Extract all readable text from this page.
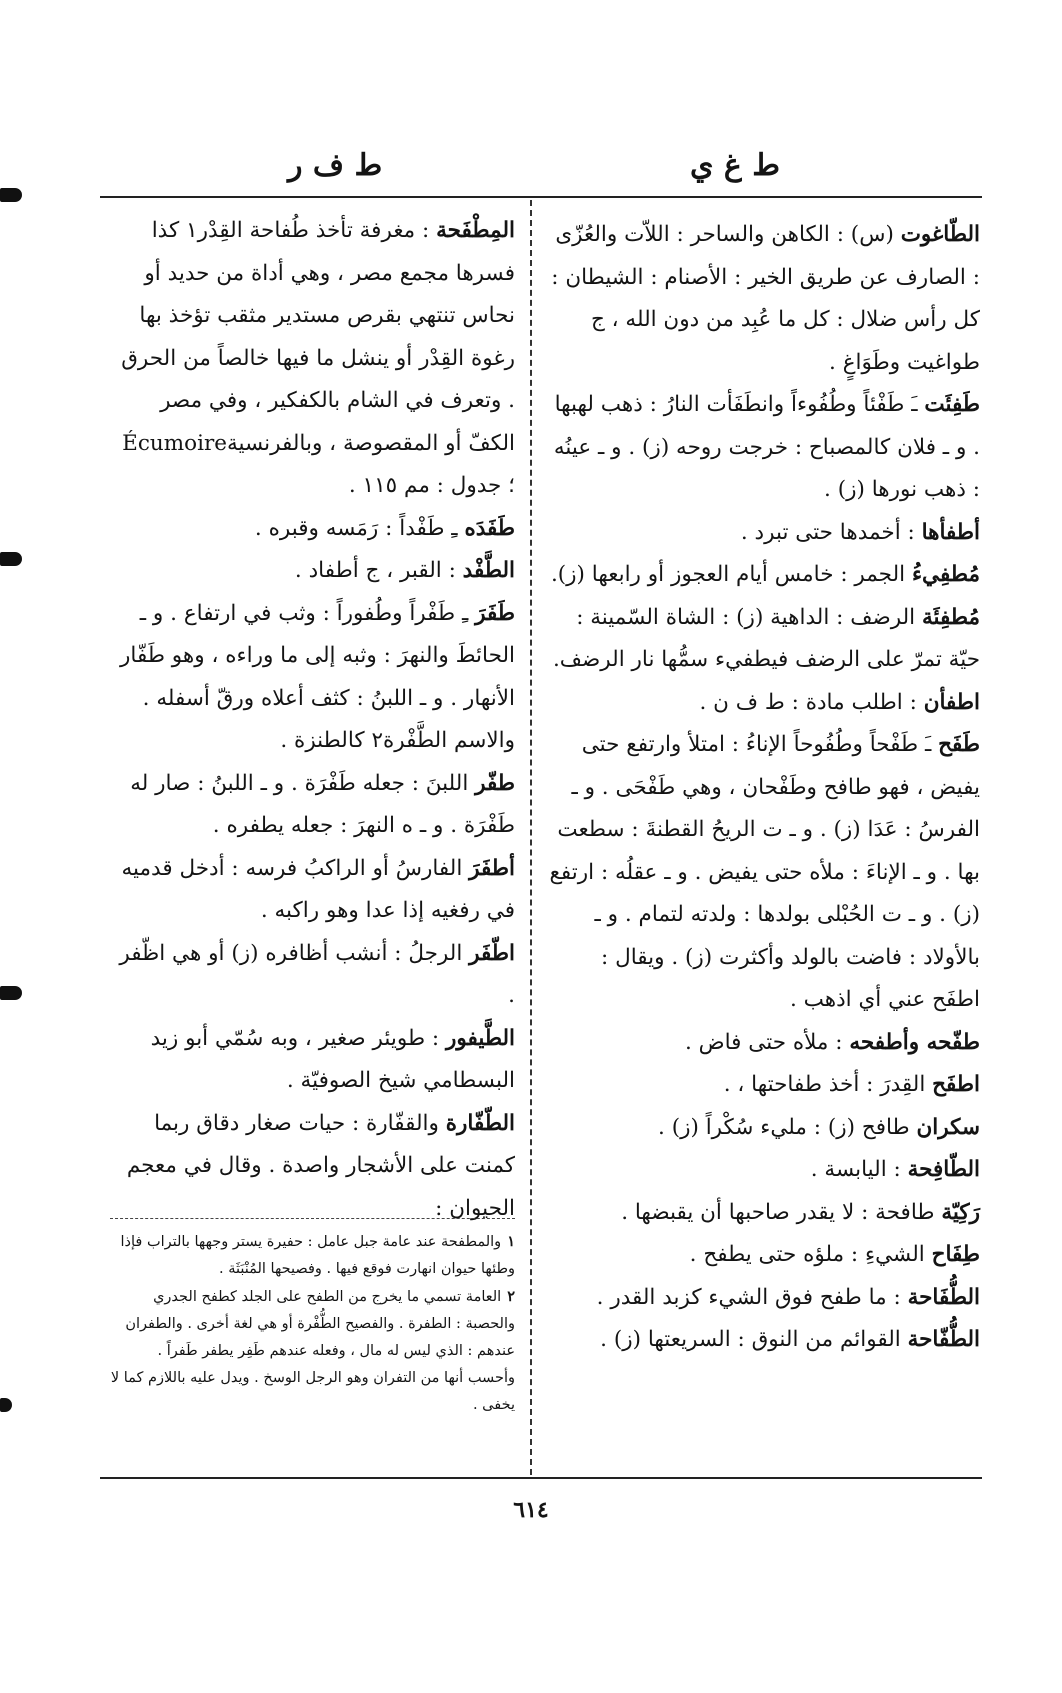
ط ف ر	ط غ ي

الطّاغوت (س) : الكاهن والساحر : اللاّت والعُزّى : الصارف عن طريق الخير : الأصنام : الشيطان : كل رأس ضلال : كل ما عُبِد من دون الله ، ج طواغيت وطَوَاغٍ .

طَفِئَت ـَ طَفْئاً وطُفُوءاً وانطَفَأت النارُ : ذهب لهبها . و ـ فلان كالمصباح : خرجت روحه (ز) . و ـ عينُه : ذهب نورها (ز) .

أطفأها : أخمدها حتى تبرد .

مُطفِيءُ الجمر : خامس أيام العجوز أو رابعها (ز).

مُطفِئَة الرضف : الداهية (ز) : الشاة السّمينة : حيّة تمرّ على الرضف فيطفيء سمُّها نار الرضف.

اطفأن : اطلب مادة : ط ف ن .

طَفَح ـَ طَفْحاً وطُفُوحاً الإناءُ : امتلأ وارتفع حتى يفيض ، فهو طافح وطَفْحان ، وهي طَفْحَى . و ـ الفرسُ : عَدَا (ز) . و ـ ت الريحُ القطنةَ : سطعت بها . و ـ الإناءَ : ملأه حتى يفيض . و ـ عقلُه : ارتفع (ز) . و ـ ت الحُبْلى بولدها : ولدته لتمام . و ـ بالأولاد : فاضت بالولد وأكثرت (ز) . ويقال : اطفَح عني أي اذهب .

طفّحه وأطفحه : ملأه حتى فاض .

اطفَح القِدرَ : أخذ طفاحتها ، .

سكران طافح (ز) : مليء سُكْراً (ز) .

الطّافِحة : اليابسة .

رَكِيّة طافحة : لا يقدر صاحبها أن يقبضها .

طِفَاح الشيءِ : ملؤه حتى يطفح .

الطُّفَاحة : ما طفح فوق الشيء كزبد القدر .

الطُّفّاحة القوائم من النوق : السريعتها (ز) .

المِطْفَحة : مغرفة تأخذ طُفاحة القِدْر١ كذا فسرها مجمع مصر ، وهي أداة من حديد أو نحاس تنتهي بقرص مستدير مثقب تؤخذ بها رغوة القِدْر أو ينشل ما فيها خالصاً من الحرق . وتعرف في الشام بالكفكير ، وفي مصر الكفّ أو المقصوصة ، وبالفرنسيةÉcumoire ؛ جدول : مم ١١٥ .

طَفَدَه ـِ طَفْداً : رَمَسه وقبره .

الطَّفْد : القبر ، ج أطفاد .

طَفَرَ ـِ طَفْراً وطُفوراً : وثب في ارتفاع . و ـ الحائطَ والنهرَ : وثبه إلى ما وراءه ، وهو طَفّار الأنهار . و ـ اللبنُ : كثف أعلاه ورقّ أسفله . والاسم الطَّفْرة٢ كالطنزة .

طفّر اللبنَ : جعله طَفْرَة . و ـ اللبنُ : صار له طَفْرَة . و ـ ه النهرَ : جعله يطفره .

أطفَرَ الفارسُ أو الراكبُ فرسه : أدخل قدميه في رفغيه إذا عدا وهو راكبه .

اطّفَر الرجلُ : أنشب أظافره (ز) أو هي اظّفر .

الطَّيفور : طويئر صغير ، وبه سُمّي أبو زيد البسطامي شيخ الصوفيّة .

الطّفّارة والقفّارة : حيات صغار دقاق ربما كمنت على الأشجار واصدة . وقال في معجم الحيوان :

١والمطفحة عند عامة جبل عامل : حفيرة يستر وجهها بالتراب فإذا وطئها حيوان انهارت فوقع فيها . وفصيحها المُنْبَثَة .

٢العامة تسمي ما يخرج من الطفح على الجلد كطفح الجدري والحصبة : الطفرة . والفصيح الطُّفْرة أو هي لغة أخرى . والطفران عندهم : الذي ليس له مال ، وفعله عندهم طَفِر يطفر طَفراً . وأحسب أنها من التفران وهو الرجل الوسخ . ويدل عليه باللازم كما لا يخفى .

٦١٤
